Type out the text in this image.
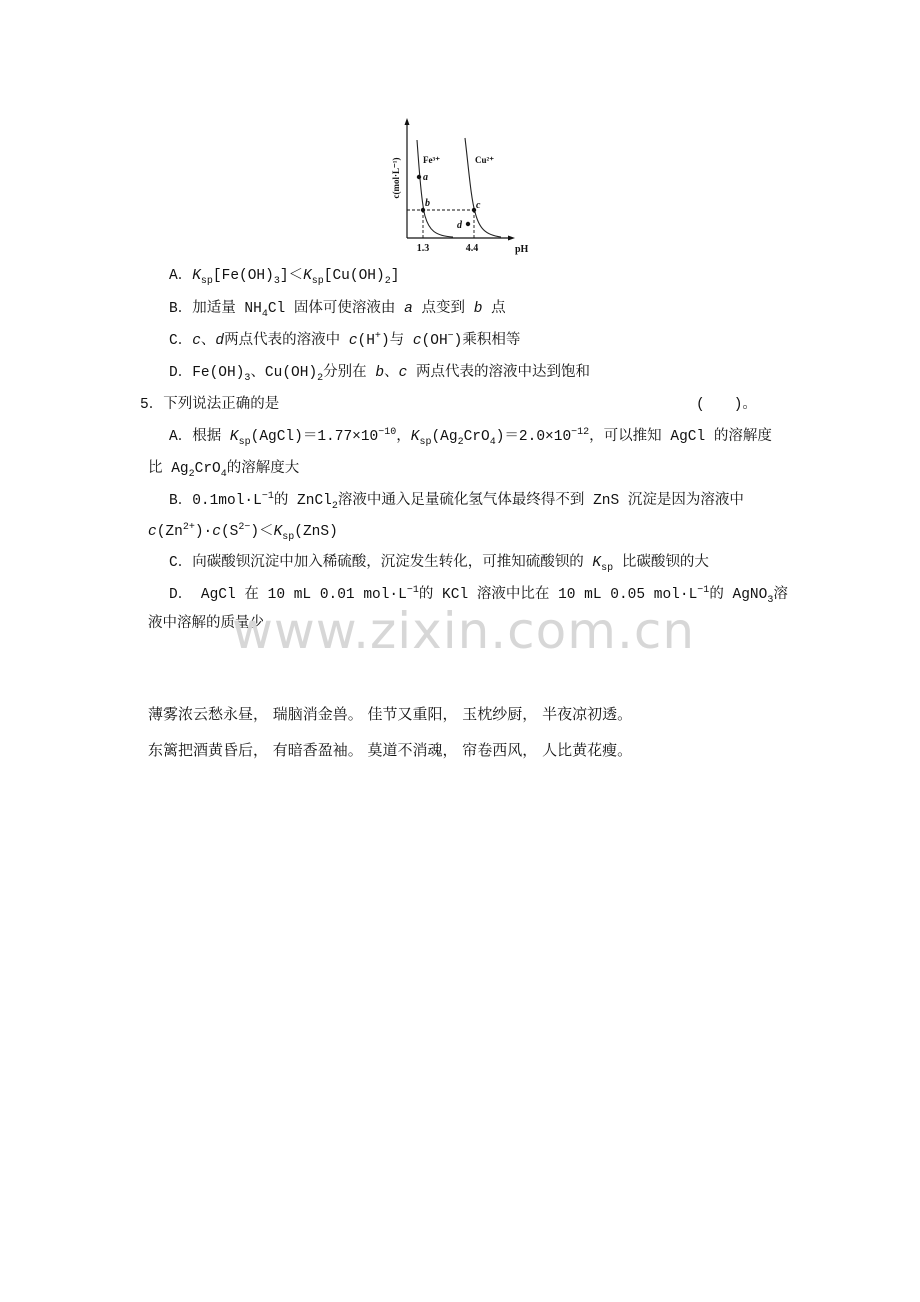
c(mol·L⁻¹) Fe³⁺	Cu²⁺
a
b	c
d
1.3	4.4	pH
A．$K_{sp}[Fe(OH)_3]<K_{sp}[Cu(OH)_2]$
B．加适量 $NH_4Cl$ 固体可使溶液由 a 点变到 b 点
C．c、d两点代表的溶液中 c(H+)与 c(OH−)乘积相等
D．$Fe(OH)_3$、$Cu(OH)_2$分别在 b、c 两点代表的溶液中达到饱和
5．下列说法正确的是	(　　)。
A．根据 $K_{sp}(AgCl)=1.77\times 10^{-10}$，$K_{sp}(Ag_2CrO_4)=2.0\times 10^{-12}$，可以推知 AgCl 的溶解度
比 $Ag_2CrO_4$的溶解度大
B．$0.1mol\cdot L^{-1}$的 ZnCl$_2$溶液中通入足量硫化氢气体最终得不到 ZnS 沉淀是因为溶液中
$c(Zn^{2+})\cdot c(S^{2-})<K_{sp}(ZnS)$
C．向碳酸钡沉淀中加入稀硫酸，沉淀发生转化，可推知硫酸钡的 $K_{sp}$ 比碳酸钡的大
D． AgCl 在 10 mL 0.01 $mol\cdot L^{-1}$的 KCl 溶液中比在 10 mL 0.05 $mol\cdot L^{-1}$的 AgNO$_3$溶
液中溶解的质量少
www.zixin.com.cn
薄雾浓云愁永昼， 瑞脑消金兽。 佳节又重阳， 玉枕纱厨， 半夜凉初透。
东篱把酒黄昏后， 有暗香盈袖。 莫道不消魂， 帘卷西风， 人比黄花瘦。
